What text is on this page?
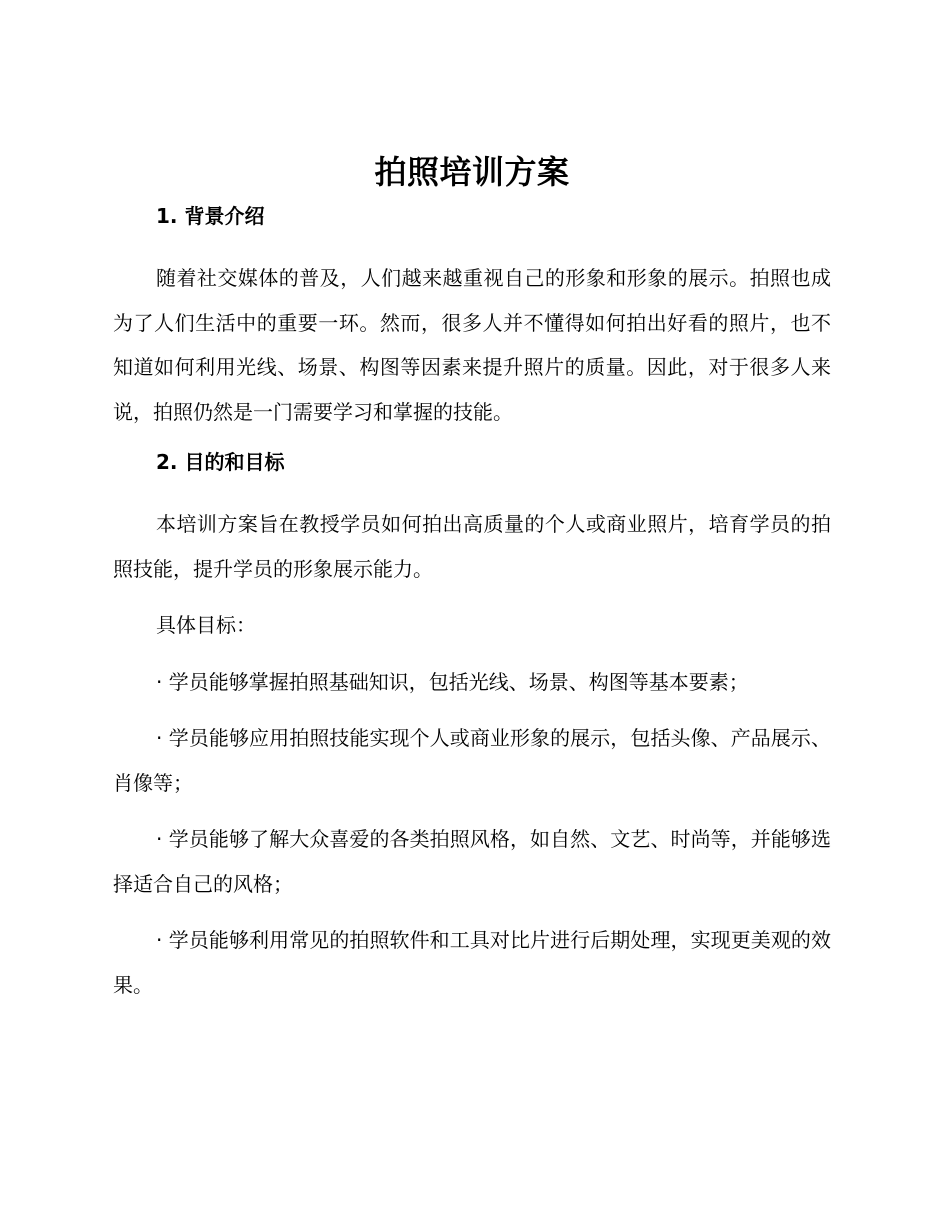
拍照培训方案
1. 背景介绍

随着社交媒体的普及，人们越来越重视自己的形象和形象的展示。拍照也成为了人们生活中的重要一环。然而，很多人并不懂得如何拍出好看的照片，也不知道如何利用光线、场景、构图等因素来提升照片的质量。因此，对于很多人来说，拍照仍然是一门需要学习和掌握的技能。

2. 目的和目标

本培训方案旨在教授学员如何拍出高质量的个人或商业照片，培育学员的拍照技能，提升学员的形象展示能力。

具体目标：

· 学员能够掌握拍照基础知识，包括光线、场景、构图等基本要素；

· 学员能够应用拍照技能实现个人或商业形象的展示，包括头像、产品展示、肖像等；

· 学员能够了解大众喜爱的各类拍照风格，如自然、文艺、时尚等，并能够选择适合自己的风格；

· 学员能够利用常见的拍照软件和工具对比片进行后期处理，实现更美观的效果。
